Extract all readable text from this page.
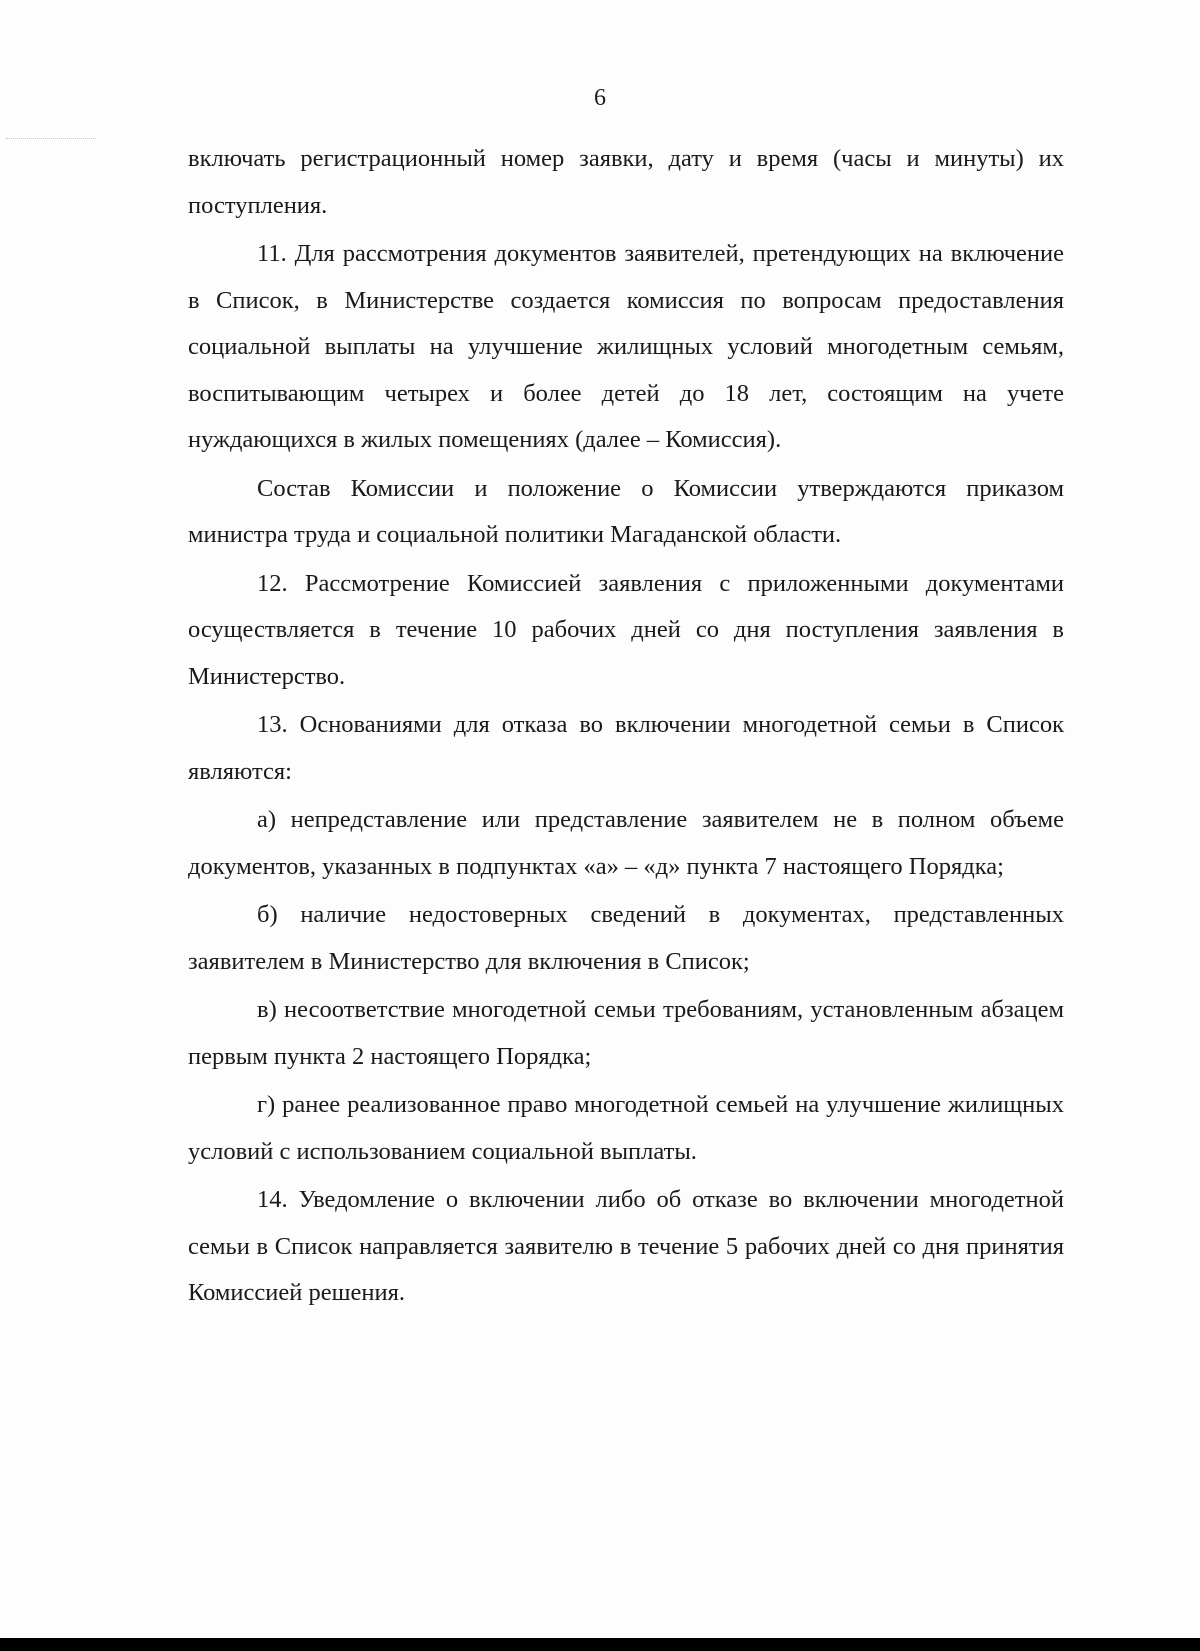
6

включать регистрационный номер заявки, дату и время (часы и минуты) их поступления.

11. Для рассмотрения документов заявителей, претендующих на включение в Список, в Министерстве создается комиссия по вопросам предоставления социальной выплаты на улучшение жилищных условий многодетным семьям, воспитывающим четырех и более детей до 18 лет, состоящим на учете нуждающихся в жилых помещениях (далее – Комиссия).

Состав Комиссии и положение о Комиссии утверждаются приказом министра труда и социальной политики Магаданской области.

12. Рассмотрение Комиссией заявления с приложенными документами осуществляется в течение 10 рабочих дней со дня поступления заявления в Министерство.

13. Основаниями для отказа во включении многодетной семьи в Список являются:

а) непредставление или представление заявителем не в полном объеме документов, указанных в подпунктах «а» – «д» пункта 7 настоящего Порядка;

б) наличие недостоверных сведений в документах, представленных заявителем в Министерство для включения в Список;

в) несоответствие многодетной семьи требованиям, установленным абзацем первым пункта 2 настоящего Порядка;

г) ранее реализованное право многодетной семьей на улучшение жилищных условий с использованием социальной выплаты.

14. Уведомление о включении либо об отказе во включении многодетной семьи в Список направляется заявителю в течение 5 рабочих дней со дня принятия Комиссией решения.
